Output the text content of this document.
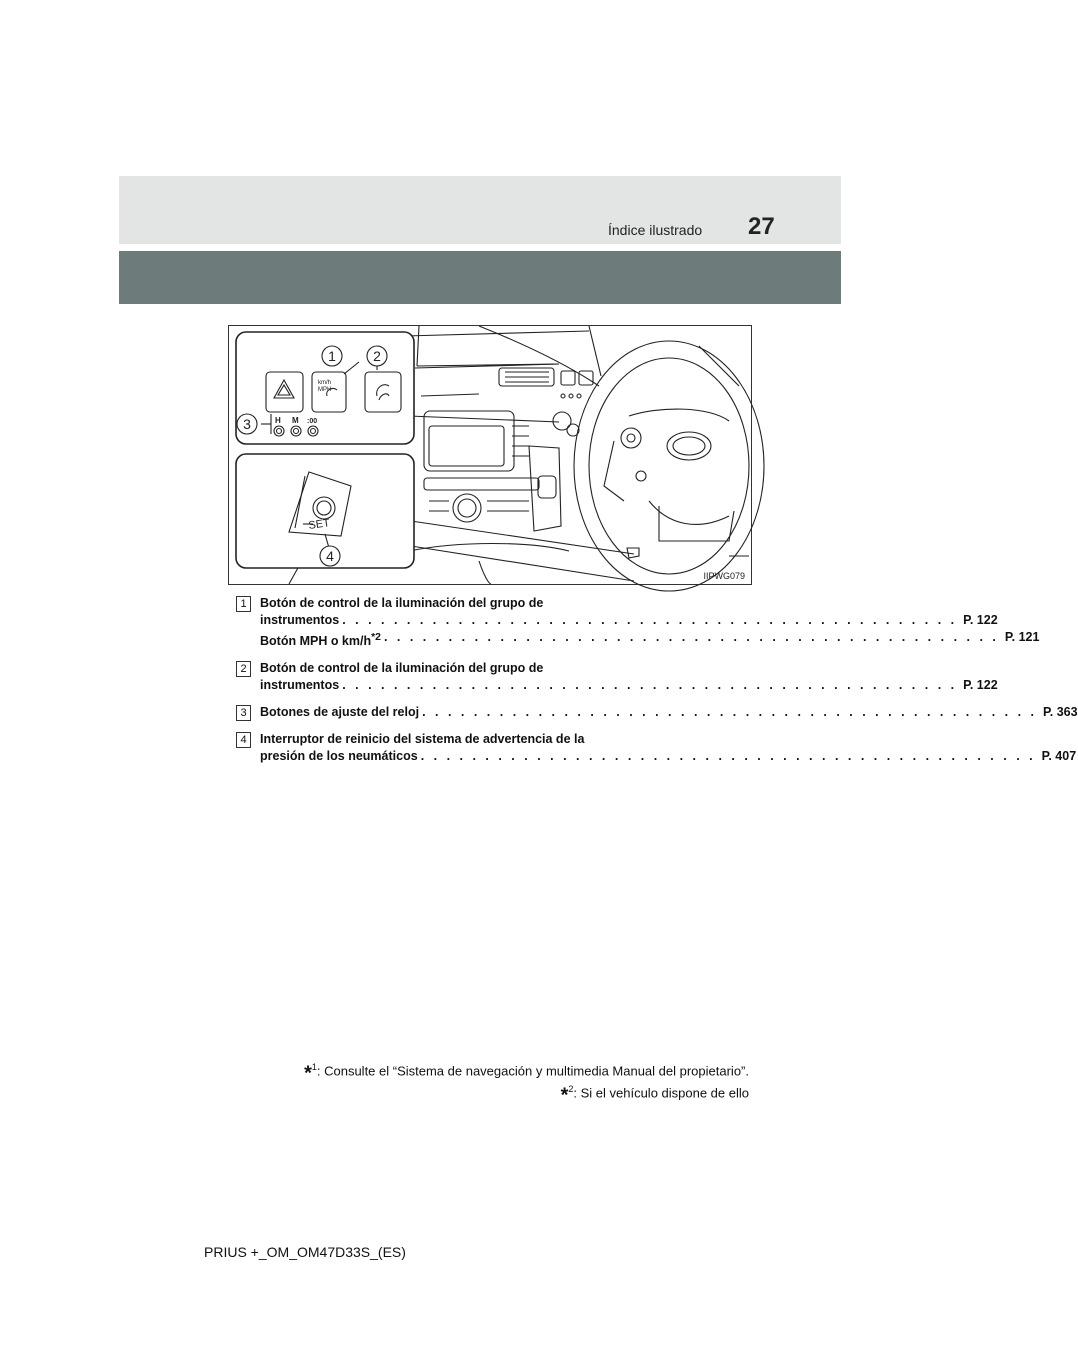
Índice ilustrado 27
km/h
MPH
H M :00
1	2
3
SET
4
IIPWG079
1	Botón de control de la iluminación del grupo de
instrumentos . . . . . . . . . . . . . . . . . . . . . . . . . . . . . . . . . . . . . . . . . . . . . . . . P. 122
Botón MPH o $km/h^{*2}$ . . . . . . . . . . . . . . . . . . . . . . . . . . . . . . . . . . . . . . . . . . . . . . . . P. 121
2	Botón de control de la iluminación del grupo de
instrumentos . . . . . . . . . . . . . . . . . . . . . . . . . . . . . . . . . . . . . . . . . . . . . . . . P. 122
3	Botones de ajuste del reloj . . . . . . . . . . . . . . . . . . . . . . . . . . . . . . . . . . . . . . . . . . . . . . . . P. 363
4	Interruptor de reinicio del sistema de advertencia de la
presión de los neumáticos . . . . . . . . . . . . . . . . . . . . . . . . . . . . . . . . . . . . . . . . . . . . . . . . P. 407
*$^1$: Consulte el “Sistema de navegación y multimedia Manual del propietario”.
*$^2$: Si el vehículo dispone de ello
PRIUS +_OM_OM47D33S_(ES)
